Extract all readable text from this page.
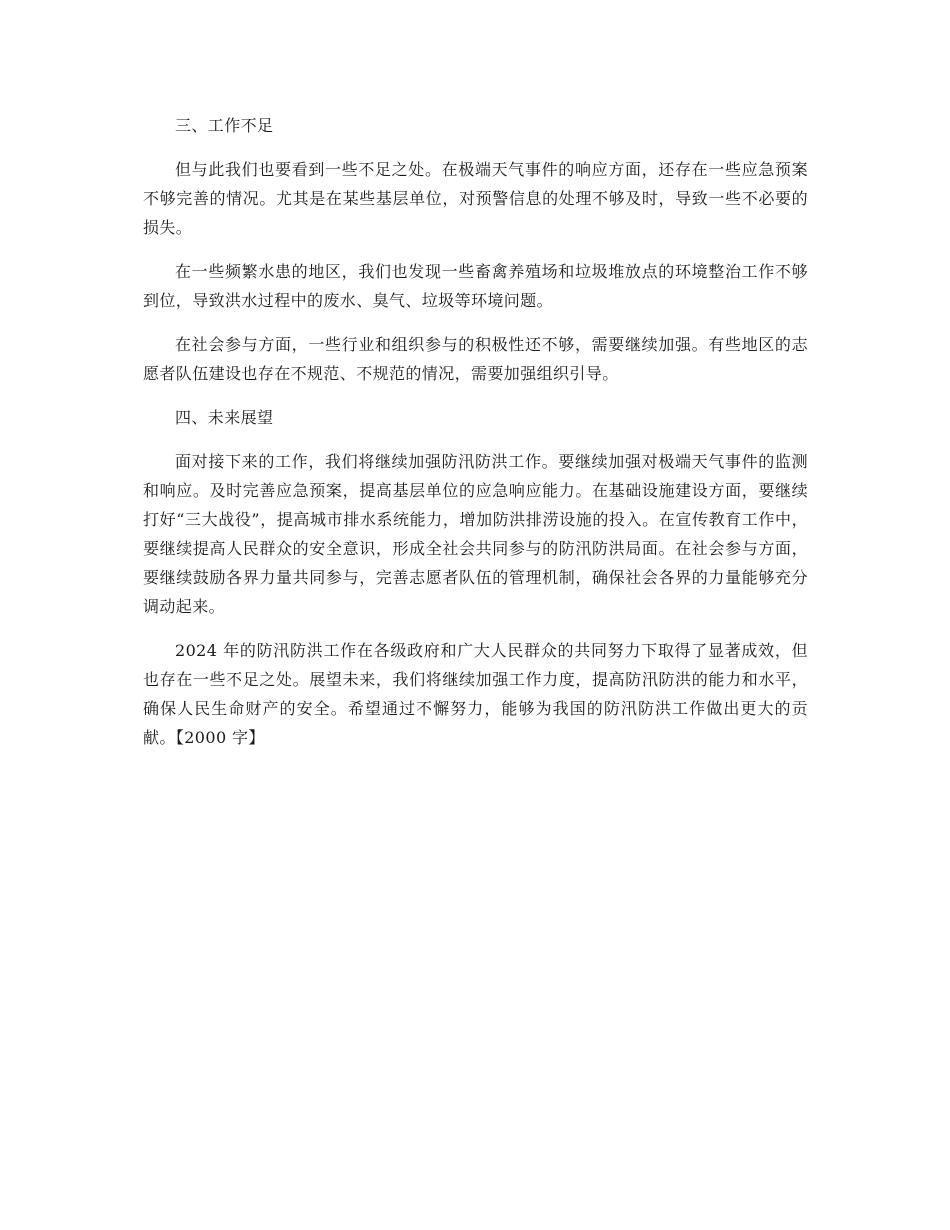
三、工作不足

但与此我们也要看到一些不足之处。在极端天气事件的响应方面，还存在一些应急预案不够完善的情况。尤其是在某些基层单位，对预警信息的处理不够及时，导致一些不必要的损失。

在一些频繁水患的地区，我们也发现一些畜禽养殖场和垃圾堆放点的环境整治工作不够到位，导致洪水过程中的废水、臭气、垃圾等环境问题。

在社会参与方面，一些行业和组织参与的积极性还不够，需要继续加强。有些地区的志愿者队伍建设也存在不规范、不规范的情况，需要加强组织引导。

四、未来展望

面对接下来的工作，我们将继续加强防汛防洪工作。要继续加强对极端天气事件的监测和响应。及时完善应急预案，提高基层单位的应急响应能力。在基础设施建设方面，要继续打好“三大战役”，提高城市排水系统能力，增加防洪排涝设施的投入。在宣传教育工作中，要继续提高人民群众的安全意识，形成全社会共同参与的防汛防洪局面。在社会参与方面，要继续鼓励各界力量共同参与，完善志愿者队伍的管理机制，确保社会各界的力量能够充分调动起来。

2024 年的防汛防洪工作在各级政府和广大人民群众的共同努力下取得了显著成效，但也存在一些不足之处。展望未来，我们将继续加强工作力度，提高防汛防洪的能力和水平，确保人民生命财产的安全。希望通过不懈努力，能够为我国的防汛防洪工作做出更大的贡献。【2000 字】
